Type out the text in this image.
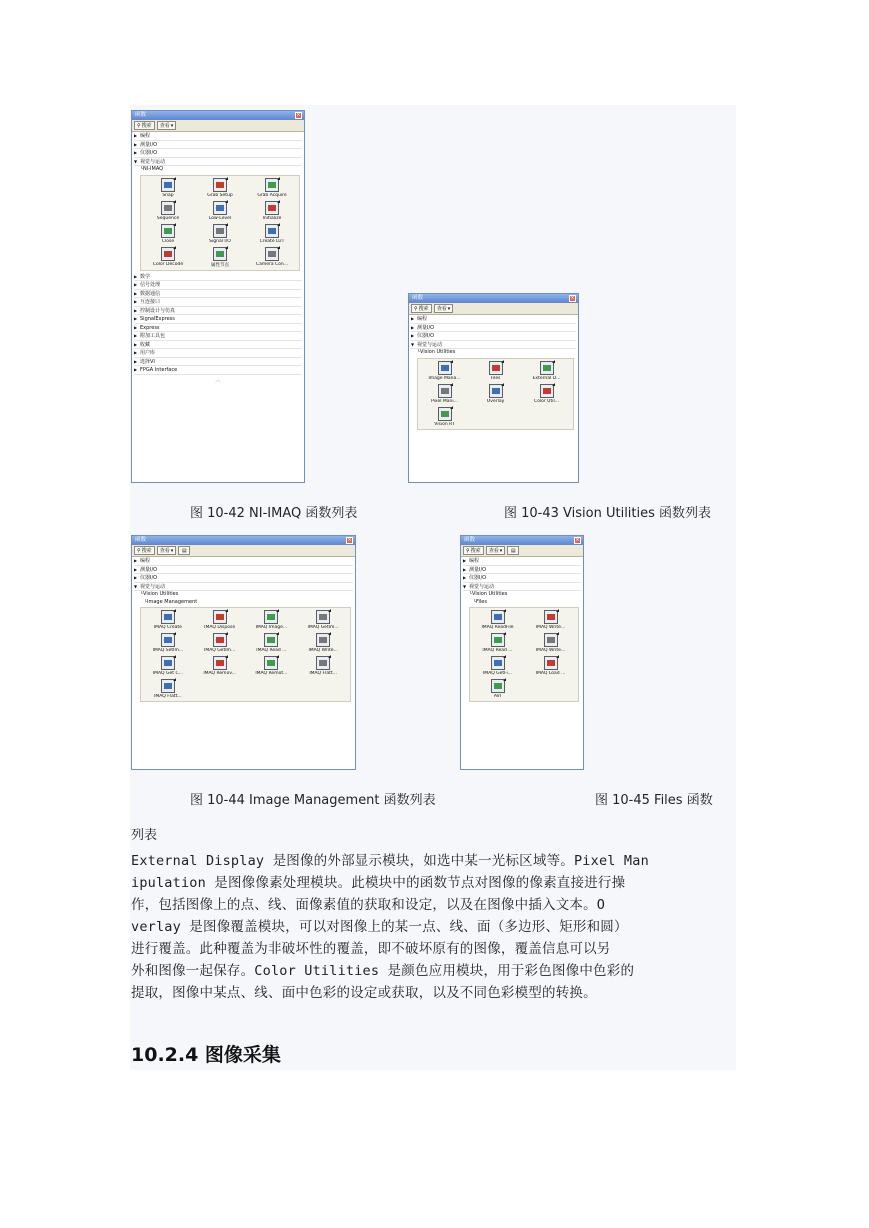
函数	×
⚲ 搜索 查看 ▾
▶ 编程
▶ 测量I/O
▶ 仪器I/O
▼ 视觉与运动
└NI-IMAQ
Snap	Grab Setup	Grab Acquire
Sequence	Low-Level	Initialize
Close	Signal I/O	Create LUT
Color Decode	属性节点	Camera Con...
▶ 数学
▶ 信号处理
▶ 数据通信
▶ 互连接口
▶ 控制设计与仿真
▶ SignalExpress
▶ Express
▶ 附加工具包
▶ 收藏
▶ 用户库
▶ 选择VI
▶ FPGA Interface
︿
图 10-42 NI-IMAQ 函数列表
函数	×
⚲ 搜索 查看 ▾
▶ 编程
▶ 测量I/O
▶ 仪器I/O
▼ 视觉与运动
└Vision Utilities
Image Mana...	Files	External D...
Pixel Mani...	Overlay	Color Util...
Vision RT
图 10-43 Vision Utilities 函数列表
函数	×
⚲ 搜索 查看 ▾	▤
▶ 编程
▶ 测量I/O
▶ 仪器I/O
▼ 视觉与运动
└Vision Utilities
└Image Management
IMAQ Create	IMAQ Dispose	IMAQ Image...	IMAQ GetIm...
IMAQ SetIm...	IMAQ GetIm...	IMAQ Read ...	IMAQ Write...
IMAQ Get C...	IMAQ Remov...	IMAQ Remot...	IMAQ Flatt...
IMAQ Flatt...
图 10-44 Image Management 函数列表
函数	×
⚲ 搜索 查看 ▾	▤
▶ 编程
▶ 测量I/O
▶ 仪器I/O
▼ 视觉与运动
└Vision Utilities
└Files
IMAQ ReadFile	IMAQ Write...
IMAQ Read ...	IMAQ Write...
IMAQ GetFi...	IMAQ Load ...
AVI
图 10-45 Files 函数
列表
External Display 是图像的外部显示模块，如选中某一光标区域等。Pixel Man
ipulation 是图像像素处理模块。此模块中的函数节点对图像的像素直接进行操
作，包括图像上的点、线、面像素值的获取和设定，以及在图像中插入文本。O
verlay 是图像覆盖模块，可以对图像上的某一点、线、面（多边形、矩形和圆）
进行覆盖。此种覆盖为非破坏性的覆盖，即不破坏原有的图像，覆盖信息可以另
外和图像一起保存。Color Utilities 是颜色应用模块，用于彩色图像中色彩的
提取，图像中某点、线、面中色彩的设定或获取，以及不同色彩模型的转换。
10.2.4 图像采集
